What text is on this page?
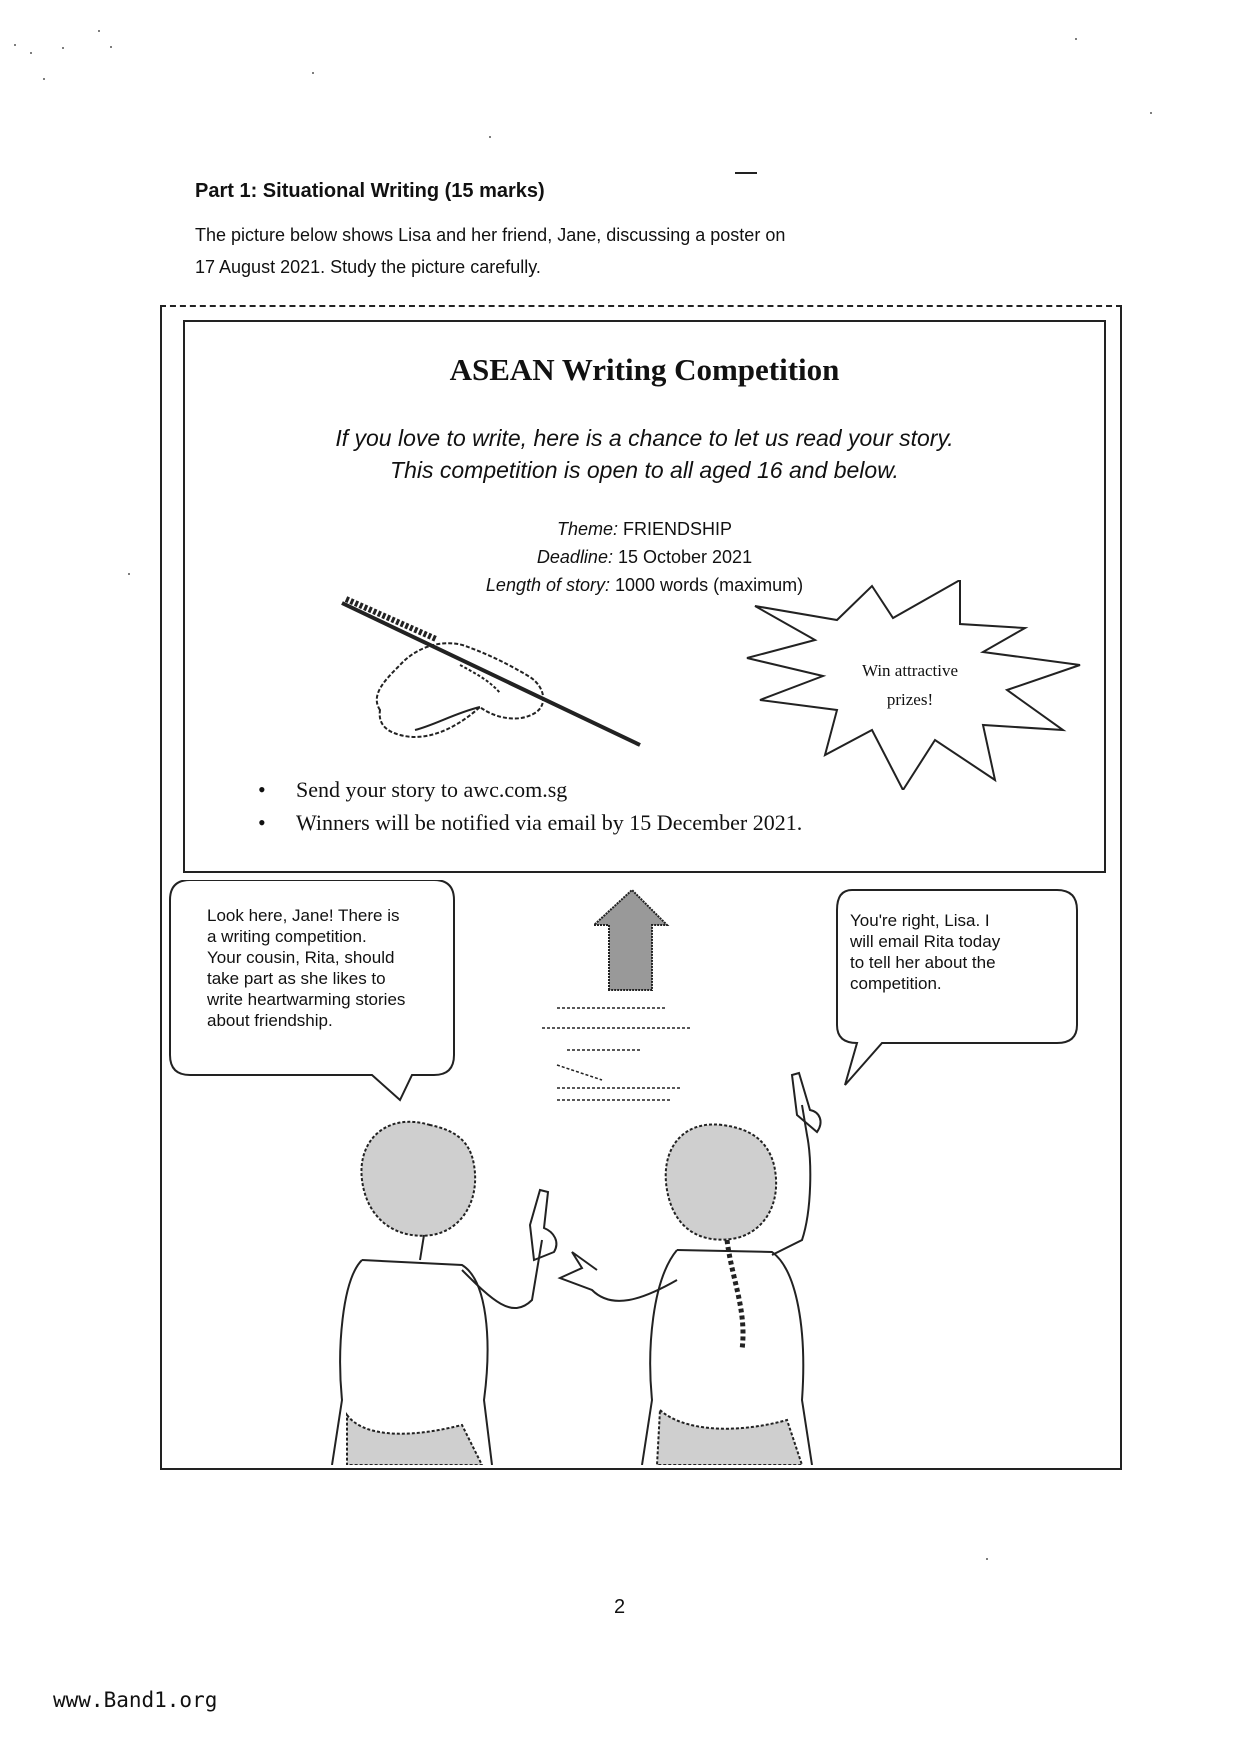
Part 1: Situational Writing (15 marks)
The picture below shows Lisa and her friend, Jane, discussing a poster on
17 August 2021. Study the picture carefully.
ASEAN Writing Competition
If you love to write, here is a chance to let us read your story.
This competition is open to all aged 16 and below.
Theme: FRIENDSHIP
Deadline: 15 October 2021
Length of story: 1000 words (maximum)
• Send your story to awc.com.sg
• Winners will be notified via email by 15 December 2021.
Win attractive
prizes!
Look here, Jane! There is
a writing competition.
Your cousin, Rita, should
take part as she likes to
write heartwarming stories
about friendship.
You're right, Lisa. I
will email Rita today
to tell her about the
competition.
2
www.Band1.org
